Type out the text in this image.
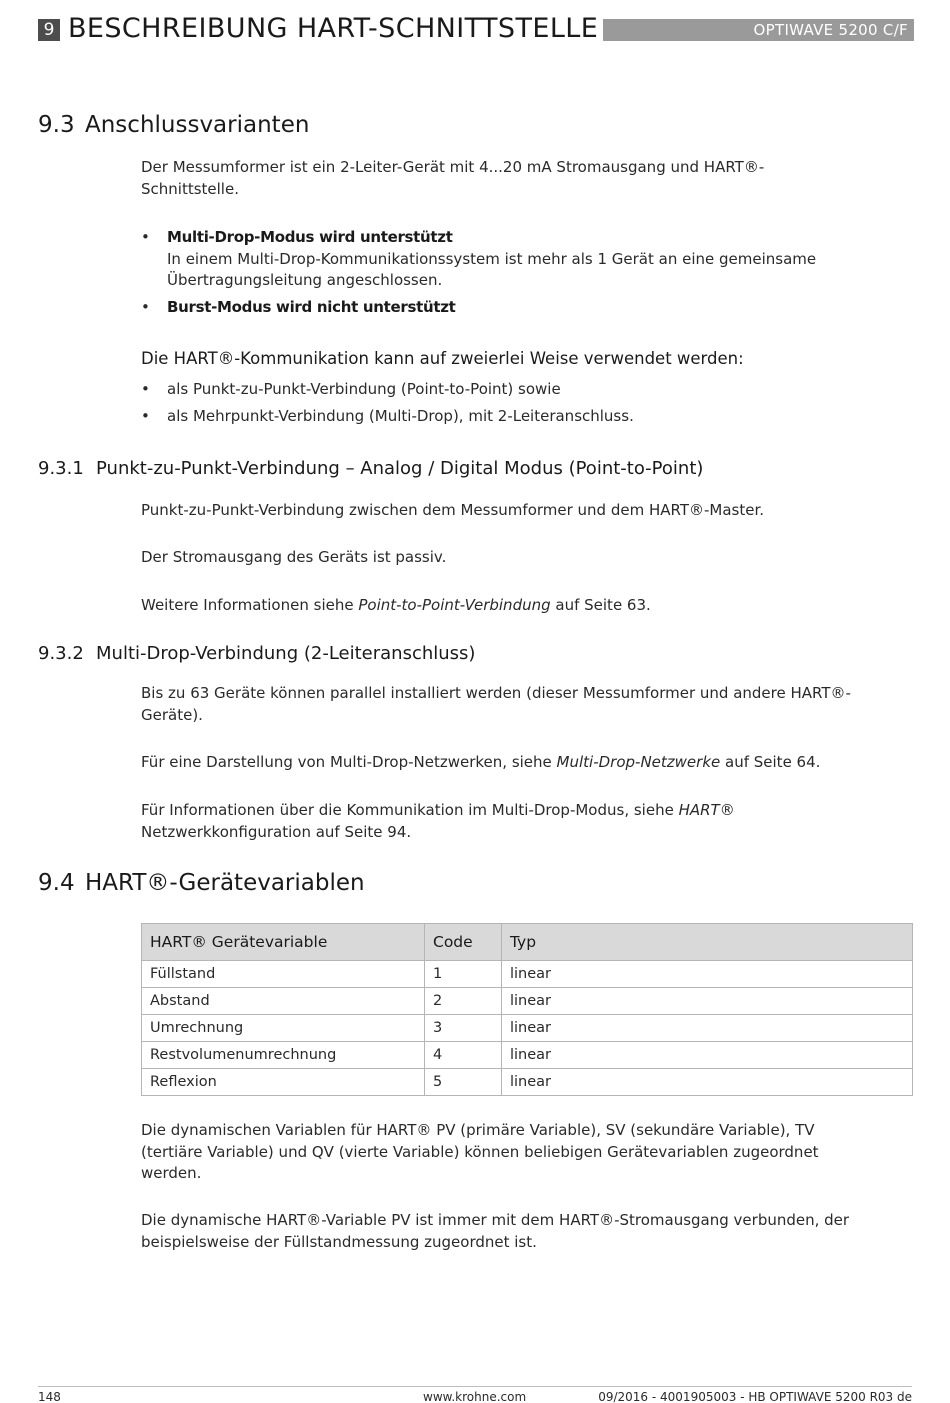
9 BESCHREIBUNG HART-SCHNITTSTELLE	OPTIWAVE 5200 C/F
9.3 Anschlussvarianten
Der Messumformer ist ein 2-Leiter-Gerät mit 4...20 mA Stromausgang und HART®-
Schnittstelle.
• Multi-Drop-Modus wird unterstützt
In einem Multi-Drop-Kommunikationssystem ist mehr als 1 Gerät an eine gemeinsame
Übertragungsleitung angeschlossen.
• Burst-Modus wird nicht unterstützt
Die HART®-Kommunikation kann auf zweierlei Weise verwendet werden:
• als Punkt-zu-Punkt-Verbindung (Point-to-Point) sowie
• als Mehrpunkt-Verbindung (Multi-Drop), mit 2-Leiteranschluss.
9.3.1 Punkt-zu-Punkt-Verbindung – Analog / Digital Modus (Point-to-Point)
Punkt-zu-Punkt-Verbindung zwischen dem Messumformer und dem HART®-Master.
Der Stromausgang des Geräts ist passiv.
Weitere Informationen siehe Point-to-Point-Verbindung auf Seite 63.
9.3.2 Multi-Drop-Verbindung (2-Leiteranschluss)
Bis zu 63 Geräte können parallel installiert werden (dieser Messumformer und andere HART®-
Geräte).
Für eine Darstellung von Multi-Drop-Netzwerken, siehe Multi-Drop-Netzwerke auf Seite 64.
Für Informationen über die Kommunikation im Multi-Drop-Modus, siehe HART®
Netzwerkkonfiguration auf Seite 94.
9.4 HART®-Gerätevariablen
HART® Gerätevariable	Code	Typ
Füllstand	1	linear
Abstand	2	linear
Umrechnung	3	linear
Restvolumenumrechnung	4	linear
Reflexion	5	linear
Die dynamischen Variablen für HART® PV (primäre Variable), SV (sekundäre Variable), TV
(tertiäre Variable) und QV (vierte Variable) können beliebigen Gerätevariablen zugeordnet
werden.
Die dynamische HART®-Variable PV ist immer mit dem HART®-Stromausgang verbunden, der
beispielsweise der Füllstandmessung zugeordnet ist.
148	www.krohne.com	09/2016 - 4001905003 - HB OPTIWAVE 5200 R03 de
